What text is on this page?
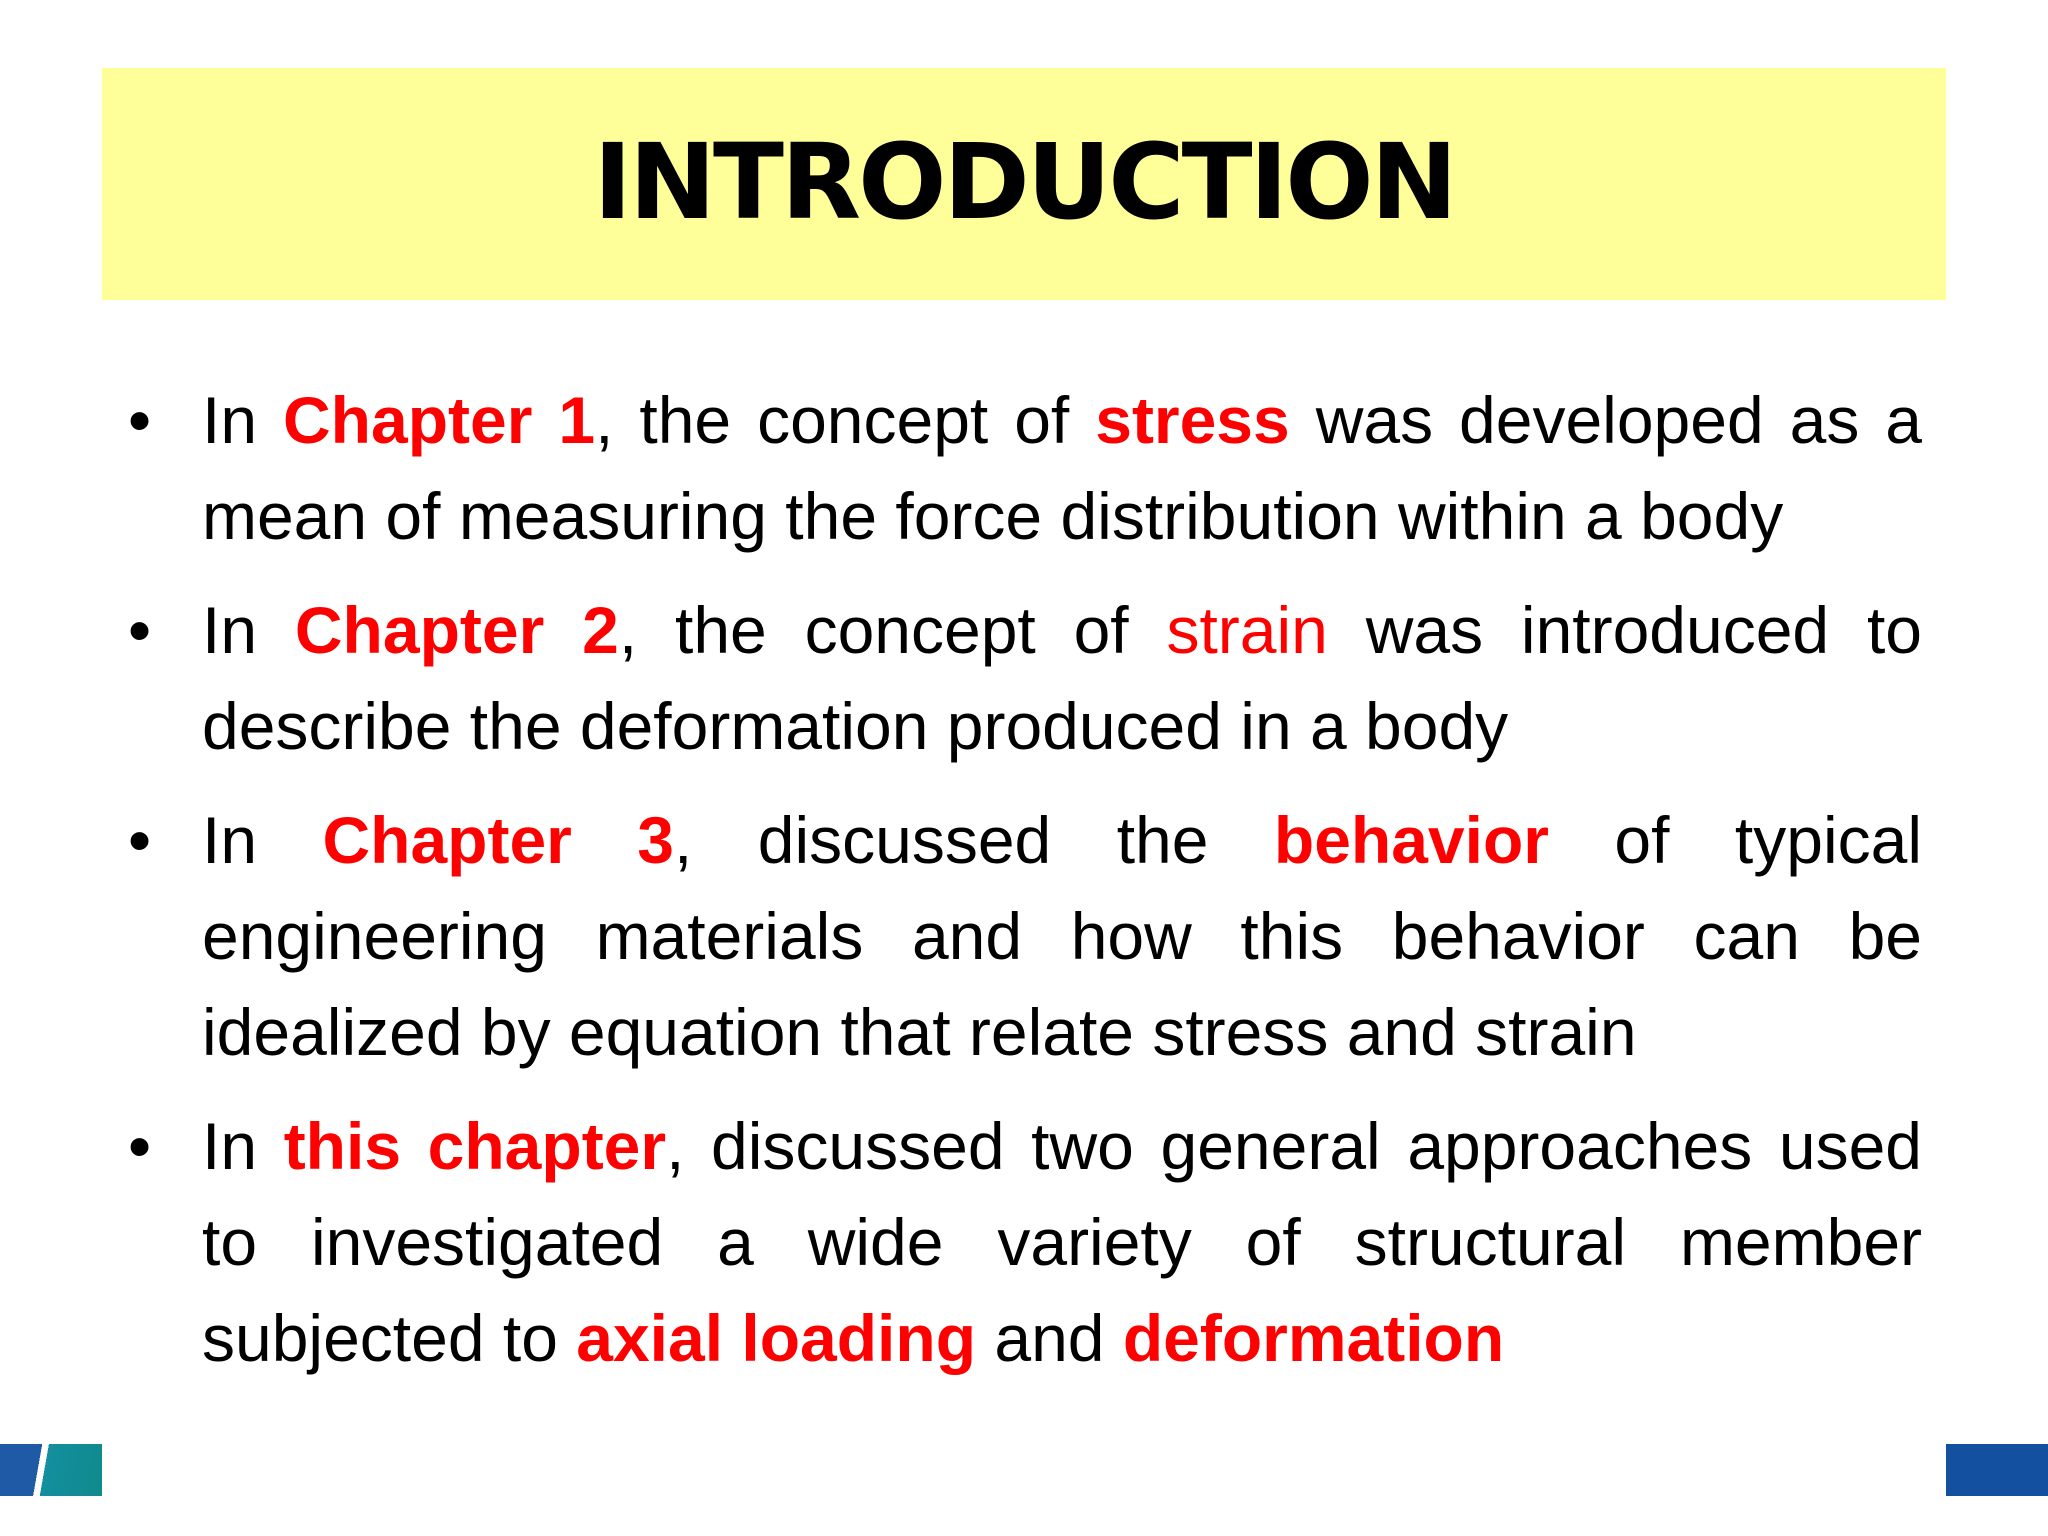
INTRODUCTION
• In Chapter 1, the concept of stress was developed as a mean of measuring the force distribution within a body
• In Chapter 2, the concept of strain was introduced to describe the deformation produced in a body
• In Chapter 3, discussed the behavior of typical engineering materials and how this behavior can be idealized by equation that relate stress and strain
• In this chapter, discussed two general approaches used to investigated a wide variety of structural member subjected to axial loading and deformation
